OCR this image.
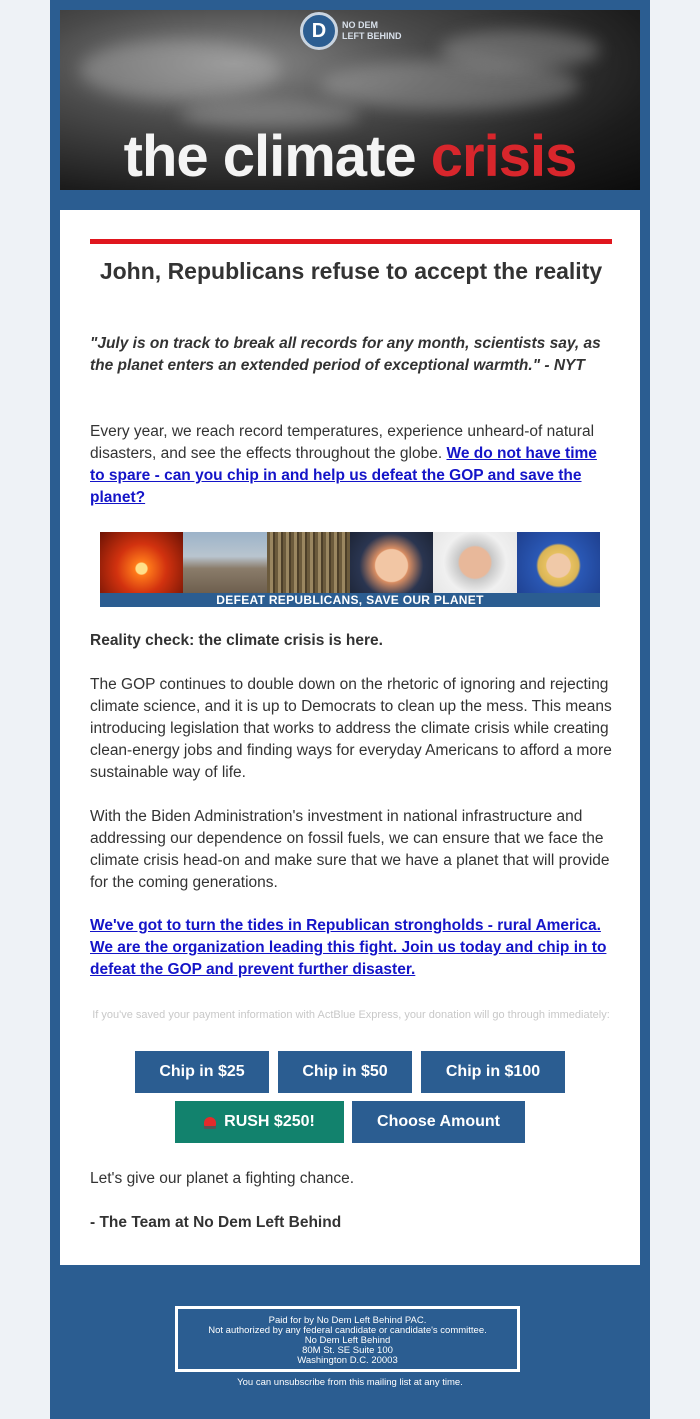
D	NO DEM
LEFT BEHIND
the climate crisis
John, Republicans refuse to accept the reality
"July is on track to break all records for any month, scientists say, as the planet enters an extended period of exceptional warmth." - NYT

Every year, we reach record temperatures, experience unheard-of natural disasters, and see the effects throughout the globe. We do not have time to spare - can you chip in and help us defeat the GOP and save the planet?

DEFEAT REPUBLICANS, SAVE OUR PLANET
Reality check: the climate crisis is here.

The GOP continues to double down on the rhetoric of ignoring and rejecting climate science, and it is up to Democrats to clean up the mess. This means introducing legislation that works to address the climate crisis while creating clean-energy jobs and finding ways for everyday Americans to afford a more sustainable way of life.

With the Biden Administration's investment in national infrastructure and addressing our dependence on fossil fuels, we can ensure that we face the climate crisis head-on and make sure that we have a planet that will provide for the coming generations.

We've got to turn the tides in Republican strongholds - rural America. We are the organization leading this fight. Join us today and chip in to defeat the GOP and prevent further disaster.

If you've saved your payment information with ActBlue Express, your donation will go through immediately:
Chip in $25	Chip in $50	Chip in $100
RUSH $250!	Choose Amount
Let's give our planet a fighting chance.
- The Team at No Dem Left Behind
Paid for by No Dem Left Behind PAC.
Not authorized by any federal candidate or candidate's committee.
No Dem Left Behind
80M St. SE Suite 100
Washington D.C. 20003
You can unsubscribe from this mailing list at any time.
